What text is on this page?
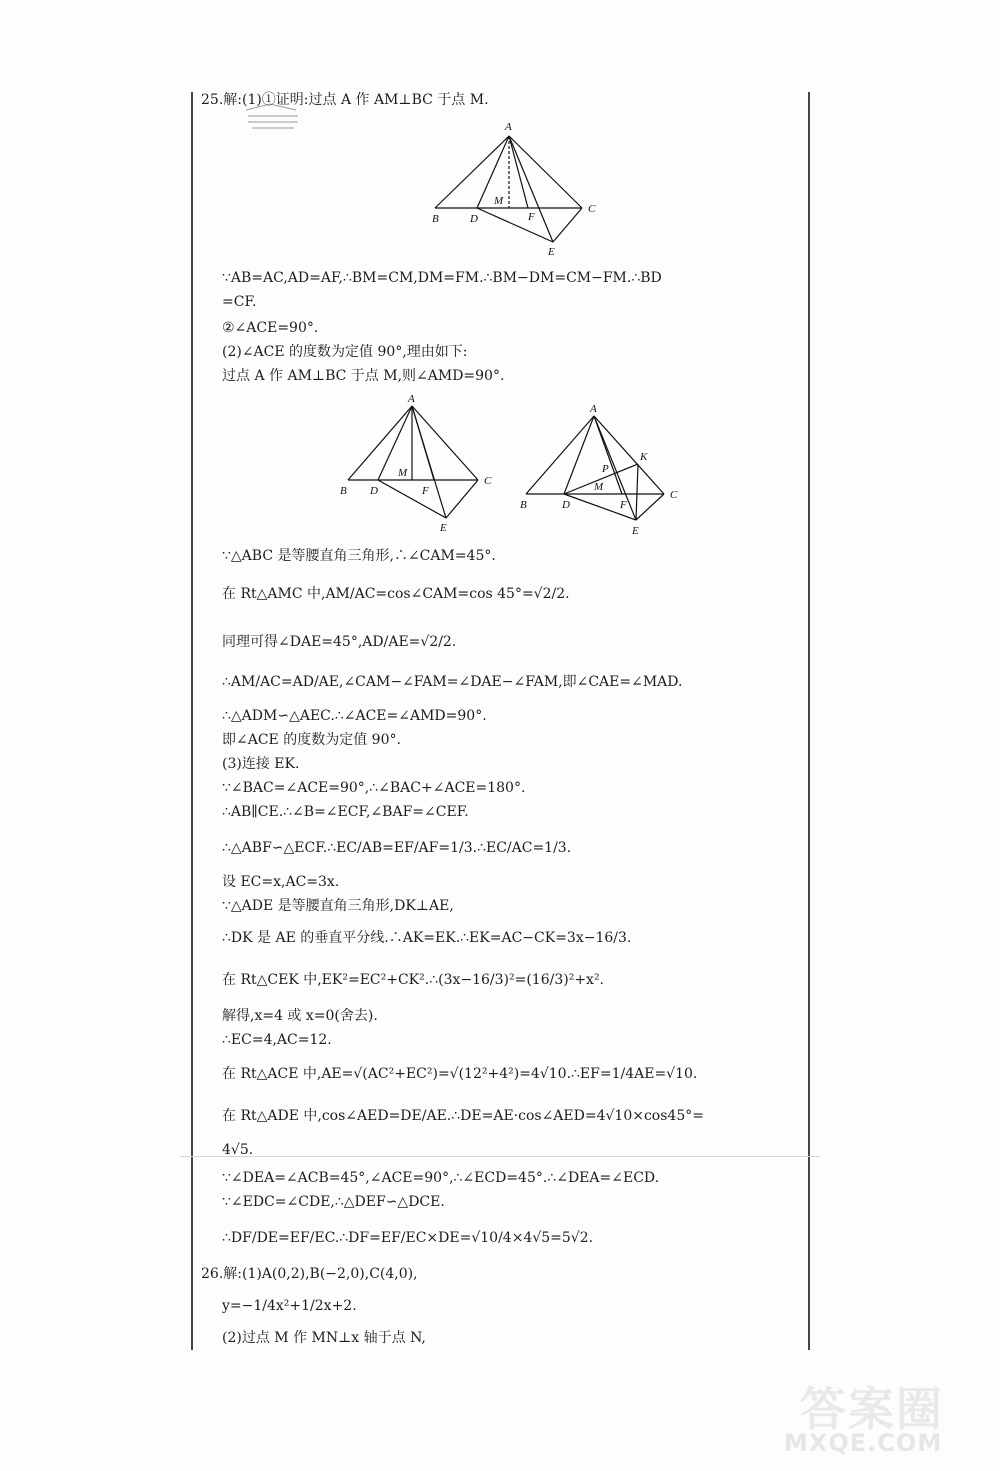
25.解:(1)①证明:过点 A 作 AM⊥BC 于点 M.
∵AB=AC,AD=AF,∴BM=CM,DM=FM.∴BM−DM=CM−FM.∴BD
=CF.
②∠ACE=90°.
(2)∠ACE 的度数为定值 90°,理由如下:
过点 A 作 AM⊥BC 于点 M,则∠AMD=90°.
∵△ABC 是等腰直角三角形,∴∠CAM=45°.
在 Rt△AMC 中,AM/AC=cos∠CAM=cos 45°=√2/2.
同理可得∠DAE=45°,AD/AE=√2/2.
∴AM/AC=AD/AE,∠CAM−∠FAM=∠DAE−∠FAM,即∠CAE=∠MAD.
∴△ADM∽△AEC.∴∠ACE=∠AMD=90°.
即∠ACE 的度数为定值 90°.
(3)连接 EK.
∵∠BAC=∠ACE=90°,∴∠BAC+∠ACE=180°.
∴AB∥CE.∴∠B=∠ECF,∠BAF=∠CEF.
∴△ABF∽△ECF.∴EC/AB=EF/AF=1/3.∴EC/AC=1/3.
设 EC=x,AC=3x.
∵△ADE 是等腰直角三角形,DK⊥AE,
∴DK 是 AE 的垂直平分线.∴AK=EK.∴EK=AC−CK=3x−16/3.
在 Rt△CEK 中,EK²=EC²+CK².∴(3x−16/3)²=(16/3)²+x².
解得,x=4 或 x=0(舍去).
∴EC=4,AC=12.
在 Rt△ACE 中,AE=√(AC²+EC²)=√(12²+4²)=4√10.∴EF=1/4AE=√10.
在 Rt△ADE 中,cos∠AED=DE/AE.∴DE=AE·cos∠AED=4√10×cos45°=
4√5.
∵∠DEA=∠ACB=45°,∠ACE=90°,∴∠ECD=45°.∴∠DEA=∠ECD.
∵∠EDC=∠CDE,∴△DEF∽△DCE.
∴DF/DE=EF/EC.∴DF=EF/EC×DE=√10/4×4√5=5√2.
26.解:(1)A(0,2),B(−2,0),C(4,0),
y=−1/4x²+1/2x+2.
(2)过点 M 作 MN⊥x 轴于点 N,
A
M
B	D	F
C
E
A
M
B D	F
C
E
A
K
P
M
B	D	F
C
E
答案圈
MXQE.COM
